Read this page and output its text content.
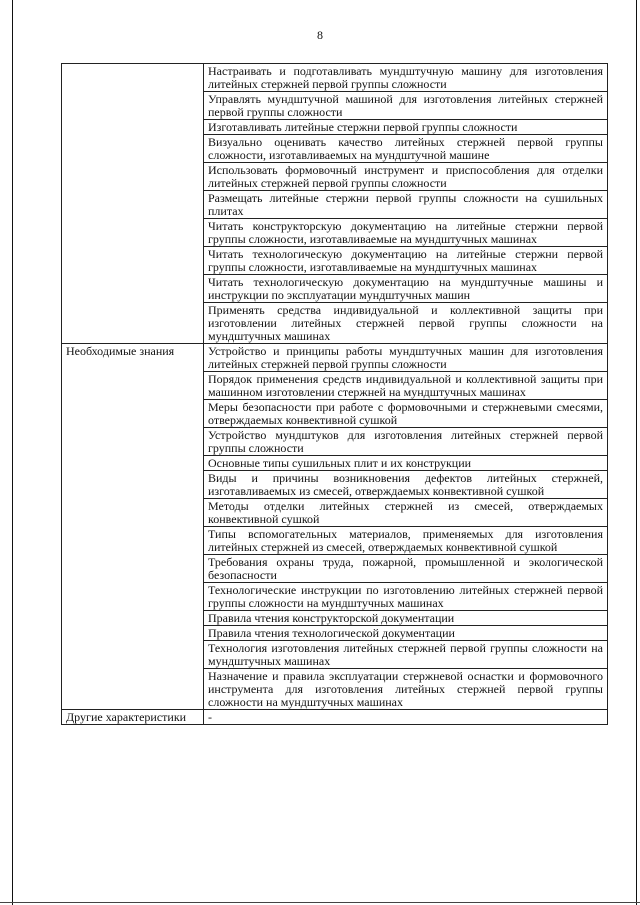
8
	Настраивать и подготавливать мундштучную машину для изготовления литейных стержней первой группы сложности
	Управлять мундштучной машиной для изготовления литейных стержней первой группы сложности
	Изготавливать литейные стержни первой группы сложности
	Визуально оценивать качество литейных стержней первой группы сложности, изготавливаемых на мундштучной машине
	Использовать формовочный инструмент и приспособления для отделки литейных стержней первой группы сложности
	Размещать литейные стержни первой группы сложности на сушильных плитах
	Читать конструкторскую документацию на литейные стержни первой группы сложности, изготавливаемые на мундштучных машинах
	Читать технологическую документацию на литейные стержни первой группы сложности, изготавливаемые на мундштучных машинах
	Читать технологическую документацию на мундштучные машины и инструкции по эксплуатации мундштучных машин
	Применять средства индивидуальной и коллективной защиты при изготовлении литейных стержней первой группы сложности на мундштучных машинах
Необходимые знания	Устройство и принципы работы мундштучных машин для изготовления литейных стержней первой группы сложности
	Порядок применения средств индивидуальной и коллективной защиты при машинном изготовлении стержней на мундштучных машинах
	Меры безопасности при работе с формовочными и стержневыми смесями, отверждаемых конвективной сушкой
	Устройство мундштуков для изготовления литейных стержней первой группы сложности
	Основные типы сушильных плит и их конструкции
	Виды и причины возникновения дефектов литейных стержней, изготавливаемых из смесей, отверждаемых конвективной сушкой
	Методы отделки литейных стержней из смесей, отверждаемых конвективной сушкой
	Типы вспомогательных материалов, применяемых для изготовления литейных стержней из смесей, отверждаемых конвективной сушкой
	Требования охраны труда, пожарной, промышленной и экологической безопасности
	Технологические инструкции по изготовлению литейных стержней первой группы сложности на мундштучных машинах
	Правила чтения конструкторской документации
	Правила чтения технологической документации
	Технология изготовления литейных стержней первой группы сложности на мундштучных машинах
	Назначение и правила эксплуатации стержневой оснастки и формовочного инструмента для изготовления литейных стержней первой группы сложности на мундштучных машинах
Другие характеристики	-
